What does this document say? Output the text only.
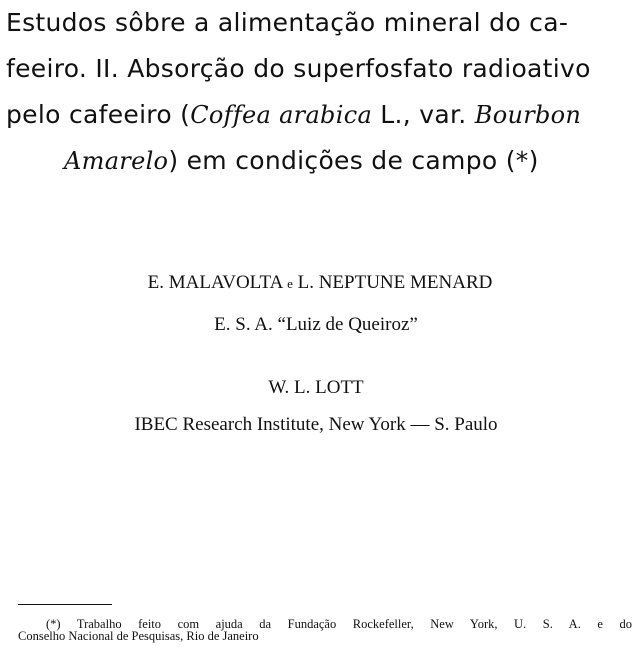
Estudos sôbre a alimentação mineral do ca-
feeiro. II. Absorção do superfosfato radioativo
pelo cafeeiro (Coffea arabica L., var. Bourbon
Amarelo) em condições de campo (*)
E. MALAVOLTA e L. NEPTUNE MENARD
E. S. A. “Luiz de Queiroz”
W. L. LOTT
IBEC Research Institute, New York — S. Paulo
(*) Trabalho feito com ajuda da Fundação Rockefeller, New York, U. S. A. e do
Conselho Nacional de Pesquisas, Rio de Janeiro
